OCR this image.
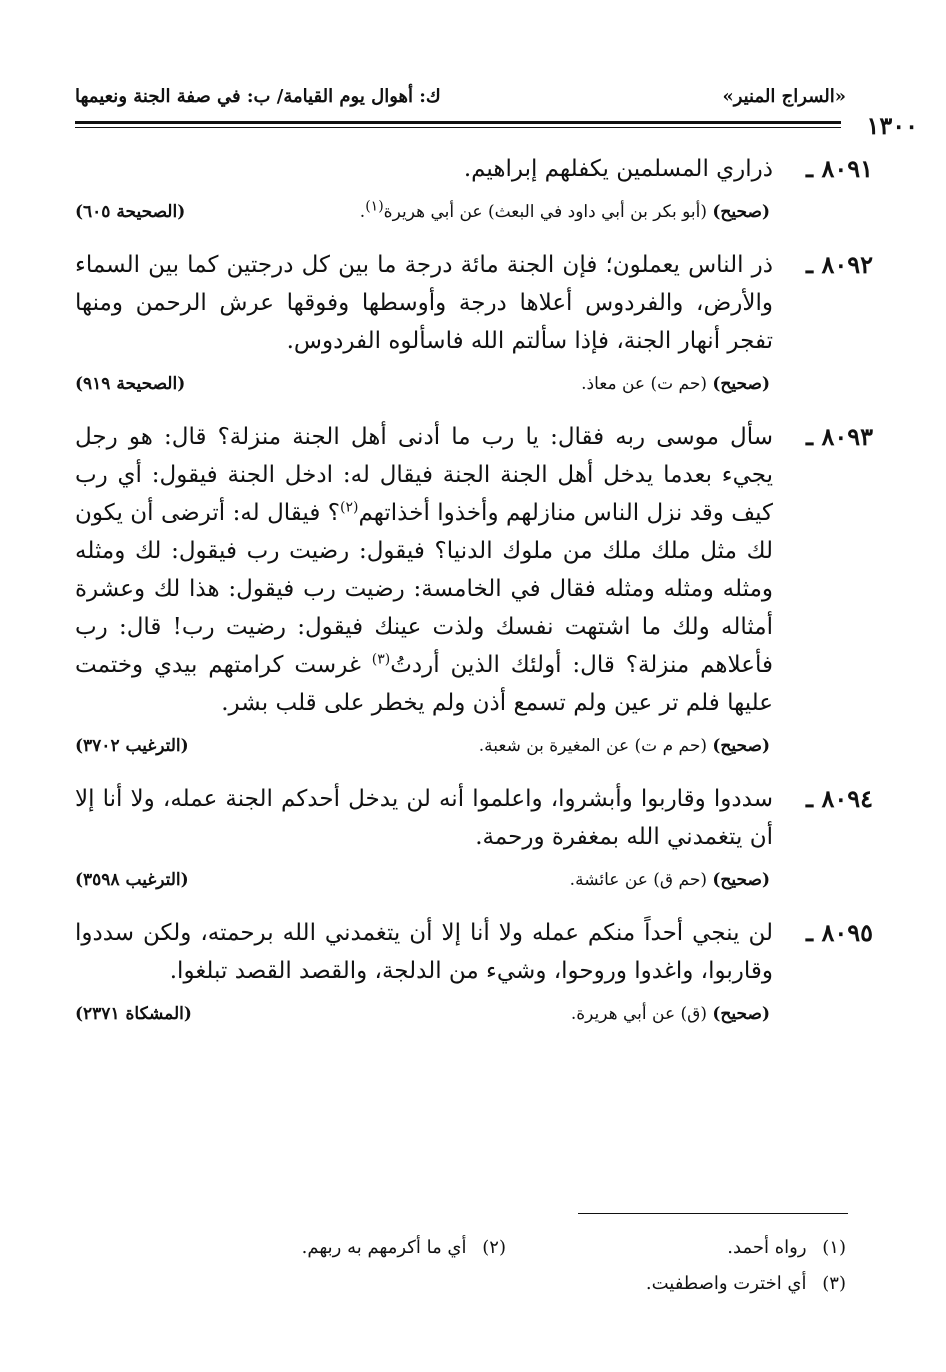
«السراج المنير»
ك: أهوال يوم القيامة/ ب: في صفة الجنة ونعيمها
١٣٠٠

٨٠٩١ ـ
ذراري المسلمين يكفلهم إبراهيم.

(صحيح) (أبو بكر بن أبي داود في البعث) عن أبي هريرة$^{(١)}$.
(الصحيحة ٦٠٥)

٨٠٩٢ ـ
ذر الناس يعملون؛ فإن الجنة مائة درجة ما بين كل درجتين كما بين السماء والأرض، والفردوس أعلاها درجة وأوسطها وفوقها عرش الرحمن ومنها تفجر أنهار الجنة، فإذا سألتم الله فاسألوه الفردوس.

(صحيح) (حم ت) عن معاذ.
(الصحيحة ٩١٩)

٨٠٩٣ ـ
سأل موسى ربه فقال: يا رب ما أدنى أهل الجنة منزلة؟ قال: هو رجل يجيء بعدما يدخل أهل الجنة الجنة فيقال له: ادخل الجنة فيقول: أي رب كيف وقد نزل الناس منازلهم وأخذوا أخذاتهم$^{(٢)}$؟ فيقال له: أترضى أن يكون لك مثل ملك ملك من ملوك الدنيا؟ فيقول: رضيت رب فيقول: لك ومثله ومثله ومثله ومثله فقال في الخامسة: رضيت رب فيقول: هذا لك وعشرة أمثاله ولك ما اشتهت نفسك ولذت عينك فيقول: رضيت رب! قال: رب فأعلاهم منزلة؟ قال: أولئك الذين أردتُ$^{(٣)}$ غرست كرامتهم بيدي وختمت عليها فلم تر عين ولم تسمع أذن ولم يخطر على قلب بشر.

(صحيح) (حم م ت) عن المغيرة بن شعبة.
(الترغيب ٣٧٠٢)

٨٠٩٤ ـ
سددوا وقاربوا وأبشروا، واعلموا أنه لن يدخل أحدكم الجنة عمله، ولا أنا إلا أن يتغمدني الله بمغفرة ورحمة.

(صحيح) (حم ق) عن عائشة.
(الترغيب ٣٥٩٨)

٨٠٩٥ ـ
لن ينجي أحداً منكم عمله ولا أنا إلا أن يتغمدني الله برحمته، ولكن سددوا وقاربوا، واغدوا وروحوا، وشيء من الدلجة، والقصد القصد تبلغوا.

(صحيح) (ق) عن أبي هريرة.
(المشكاة ٢٣٧١)
(١) رواه أحمد.
(٢) أي ما أكرمهم به ربهم.
(٣) أي اخترت واصطفيت.
